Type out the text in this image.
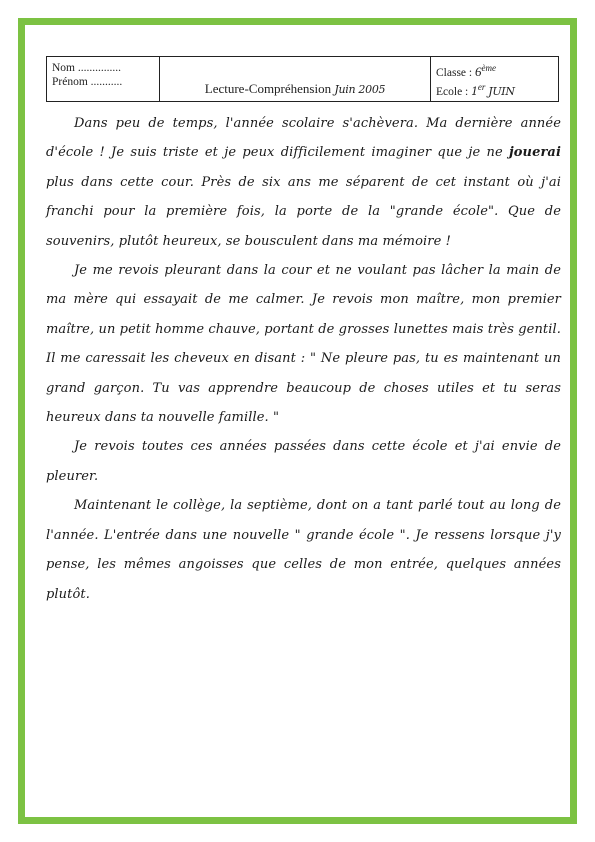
Nom ...............
Prénom ...........	Lecture-Compréhension Juin 2005
Classe : 6ème
Ecole : 1er JUIN

Dans peu de temps, l'année scolaire s'achèvera. Ma dernière année d'école ! Je suis triste et je peux difficilement imaginer que je ne jouerai plus dans cette cour. Près de six ans me séparent de cet instant où j'ai franchi pour la première fois, la porte de la "grande école". Que de souvenirs, plutôt heureux, se bousculent dans ma mémoire !

Je me revois pleurant dans la cour et ne voulant pas lâcher la main de ma mère qui essayait de me calmer. Je revois mon maître, mon premier maître, un petit homme chauve, portant de grosses lunettes mais très gentil. Il me caressait les cheveux en disant : " Ne pleure pas, tu es maintenant un grand garçon. Tu vas apprendre beaucoup de choses utiles et tu seras heureux dans ta nouvelle famille. "

Je revois toutes ces années passées dans cette école et j'ai envie de pleurer.

Maintenant le collège, la septième, dont on a tant parlé tout au long de l'année. L'entrée dans une nouvelle " grande école ". Je ressens lorsque j'y pense, les mêmes angoisses que celles de mon entrée, quelques années plutôt.
